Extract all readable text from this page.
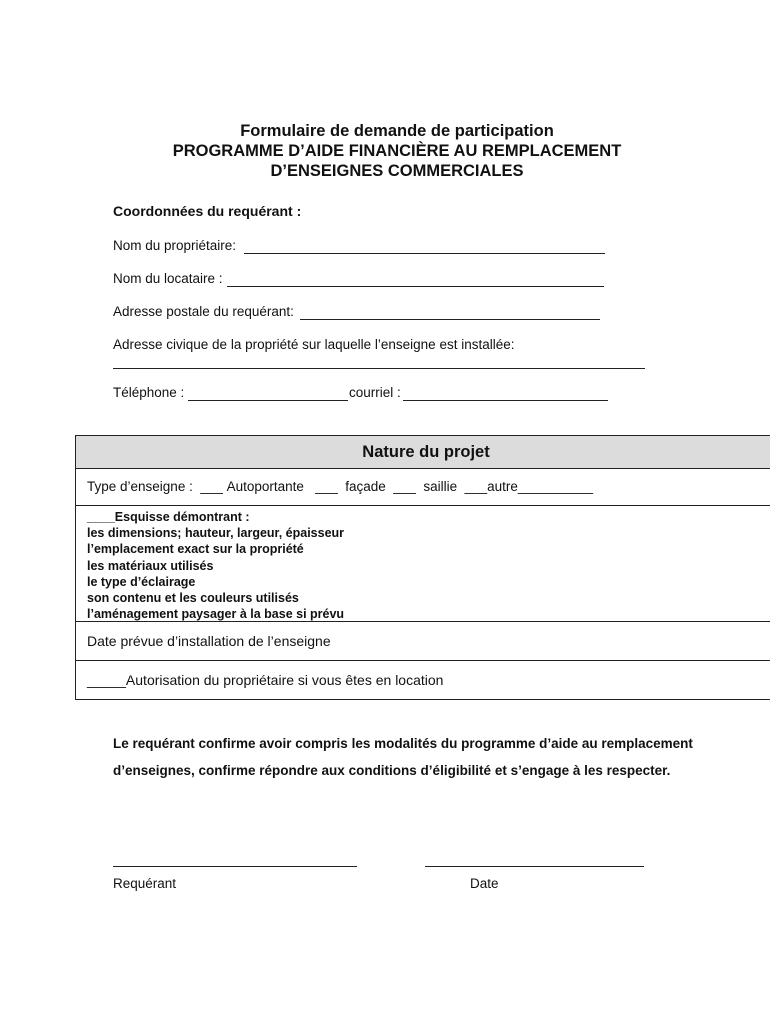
Formulaire de demande de participation
PROGRAMME D’AIDE FINANCIÈRE AU REMPLACEMENT
D’ENSEIGNES COMMERCIALES
Coordonnées du requérant :
Nom du propriétaire:
Nom du locataire :
Adresse postale du requérant:
Adresse civique de la propriété sur laquelle l’enseigne est installée:
Téléphone :	courriel :
Nature du projet
Type d’enseigne :  ___ Autoportante   ___  façade  ___  saillie  ___autre__________
____Esquisse démontrant :
les dimensions; hauteur, largeur, épaisseur
l’emplacement exact sur la propriété
les matériaux utilisés
le type d’éclairage
son contenu et les couleurs utilisés
l’aménagement paysager à la base si prévu
Date prévue d’installation de l’enseigne
_____Autorisation du propriétaire si vous êtes en location
Le requérant confirme avoir compris les modalités du programme d’aide au remplacement d’enseignes, confirme répondre aux conditions d’éligibilité et s’engage à les respecter.
Requérant	Date
